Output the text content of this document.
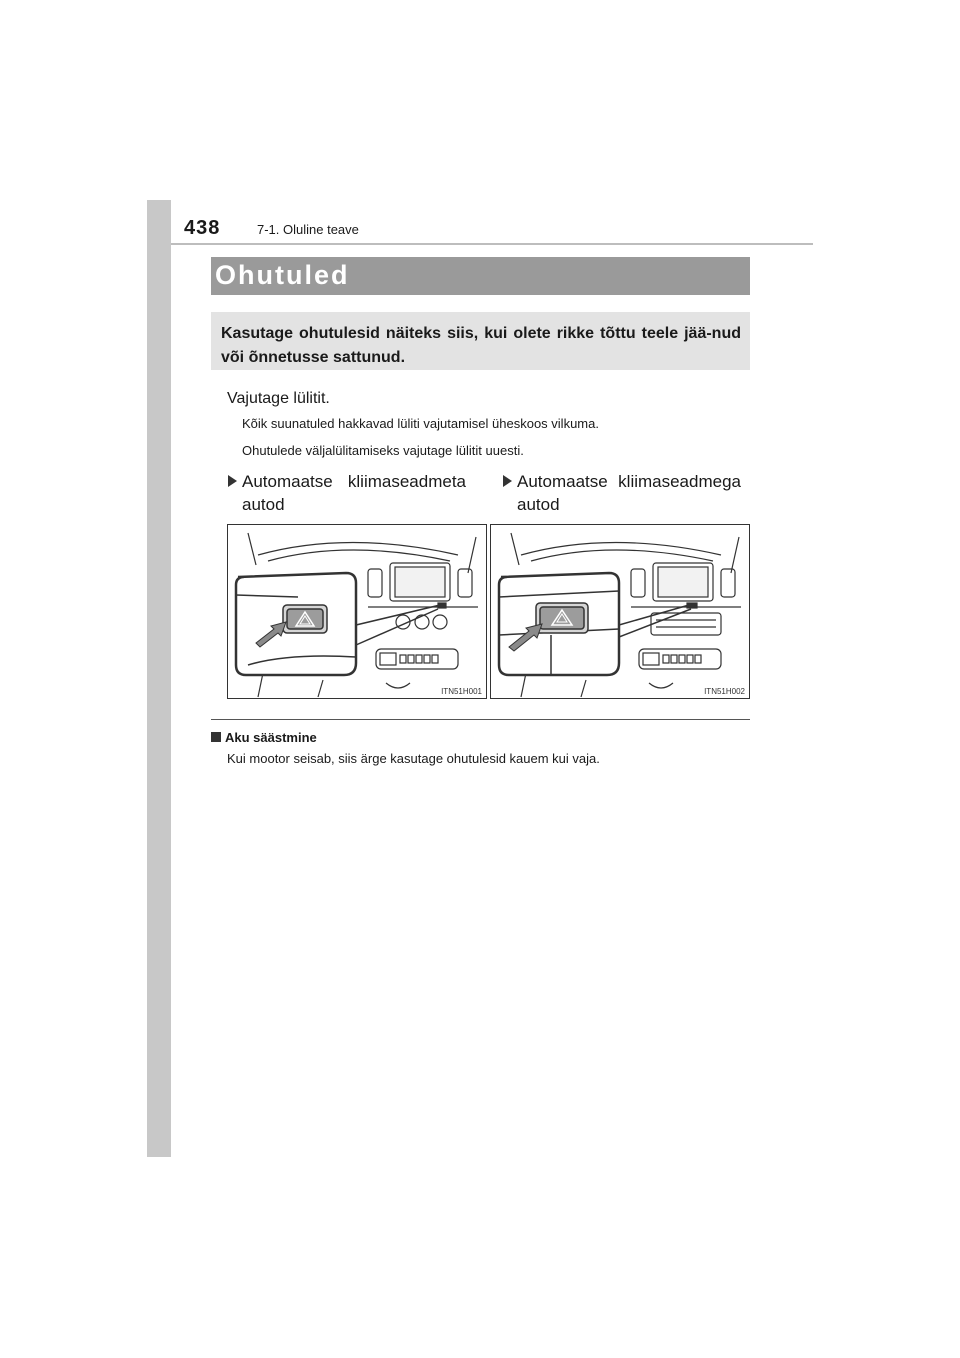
438	7-1. Oluline teave
Ohutuled
Kasutage ohutulesid näiteks siis, kui olete rikke tõttu teele jää-nud või õnnetusse sattunud.
Vajutage lülitit.
Kõik suunatuled hakkavad lüliti vajutamisel üheskoos vilkuma.
Ohutulede väljalülitamiseks vajutage lülitit uuesti.
Automaatse kliimaseadmeta autod
Automaatse kliimaseadmega autod
ITN51H001	ITN51H002
Aku säästmine
Kui mootor seisab, siis ärge kasutage ohutulesid kauem kui vaja.
